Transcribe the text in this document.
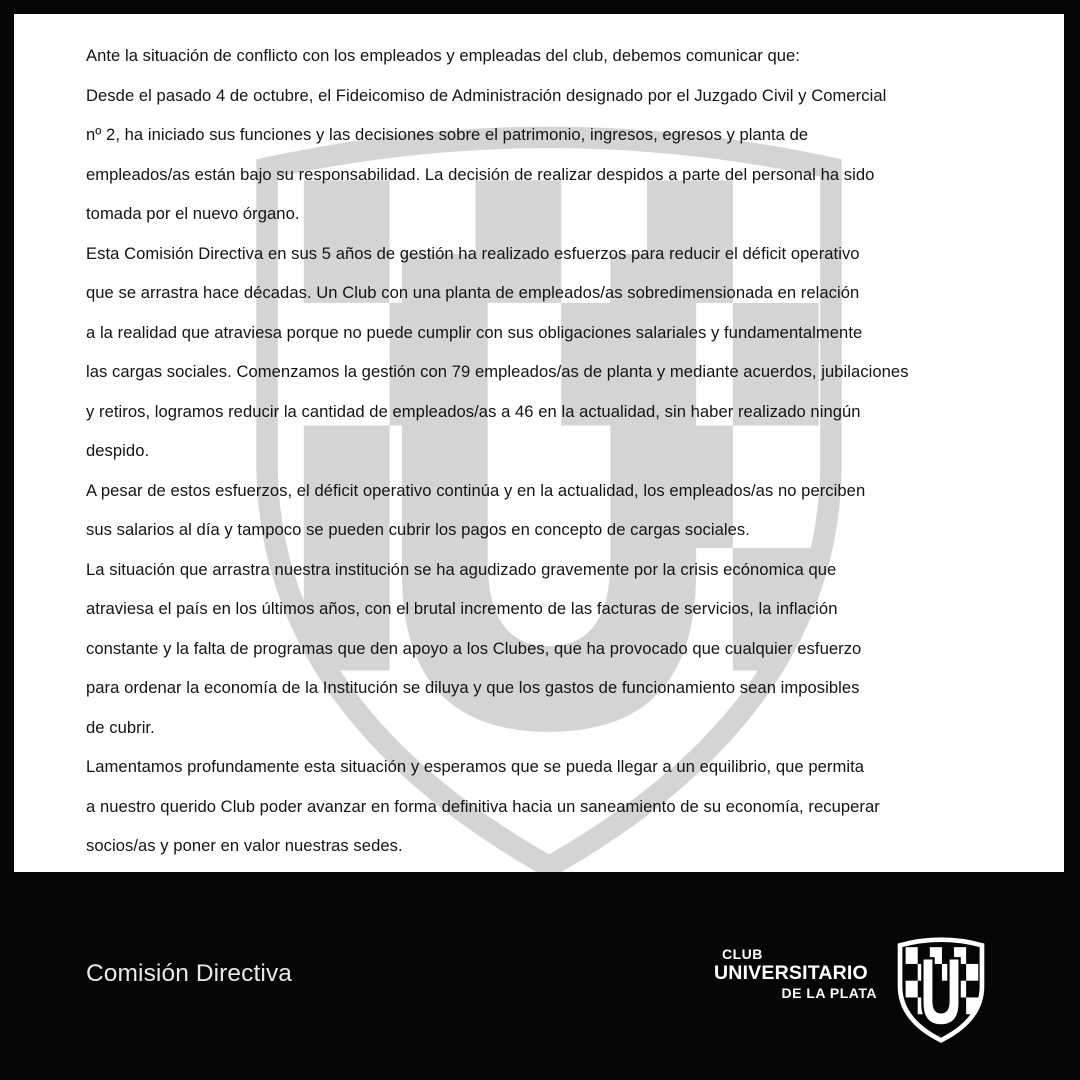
Ante la situación de conflicto con los empleados y empleadas del club, debemos comunicar que:
Desde el pasado 4 de octubre, el Fideicomiso de Administración designado por el Juzgado Civil y Comercial
nº 2, ha iniciado sus funciones y las decisiones sobre el patrimonio, ingresos, egresos y planta de
empleados/as están bajo su responsabilidad. La decisión de realizar despidos a parte del personal ha sido
tomada por el nuevo órgano.
Esta Comisión Directiva en sus 5 años de gestión ha realizado esfuerzos para reducir el déficit operativo
que se arrastra hace décadas. Un Club con una planta de empleados/as sobredimensionada en relación
a la realidad que atraviesa porque no puede cumplir con sus obligaciones salariales y fundamentalmente
las cargas sociales. Comenzamos la gestión con 79 empleados/as de planta y mediante acuerdos, jubilaciones
y retiros, logramos reducir la cantidad de empleados/as a 46 en la actualidad, sin haber realizado ningún
despido.
A pesar de estos esfuerzos, el déficit operativo continúa y en la actualidad, los empleados/as no perciben
sus salarios al día y tampoco se pueden cubrir los pagos en concepto de cargas sociales.
La situación que arrastra nuestra institución se ha agudizado gravemente por la crisis ecónomica que
atraviesa el país en los últimos años, con el brutal incremento de las facturas de servicios, la inflación
constante y la falta de programas que den apoyo a los Clubes, que ha provocado que cualquier esfuerzo
para ordenar la economía de la Institución se diluya y que los gastos de funcionamiento sean imposibles
de cubrir.
Lamentamos profundamente esta situación y esperamos que se pueda llegar a un equilibrio, que permita
a nuestro querido Club poder avanzar en forma definitiva hacia un saneamiento de su economía, recuperar
socios/as y poner en valor nuestras sedes.
Comisión Directiva
CLUB
UNIVERSITARIO
DE LA PLATA
